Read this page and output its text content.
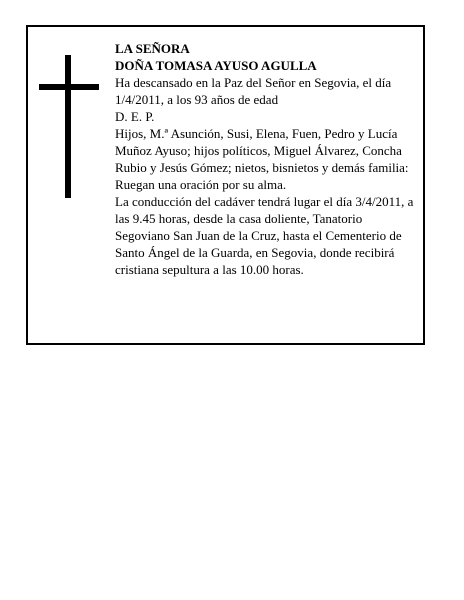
LA SEÑORA
DOÑA TOMASA AYUSO AGULLA
Ha descansado en la Paz del Señor en Segovia, el día 1/4/2011, a los 93 años de edad
D. E. P.
Hijos, M.ª Asunción, Susi, Elena, Fuen, Pedro y Lucía Muñoz Ayuso; hijos políticos, Miguel Álvarez, Concha Rubio y Jesús Gómez; nietos, bisnietos y demás familia:
Ruegan una oración por su alma.
La conducción del cadáver tendrá lugar el día 3/4/2011, a las 9.45 horas, desde la casa doliente, Tanatorio Segoviano San Juan de la Cruz, hasta el Cementerio de Santo Ángel de la Guarda, en Segovia, donde recibirá cristiana sepultura a las 10.00 horas.
